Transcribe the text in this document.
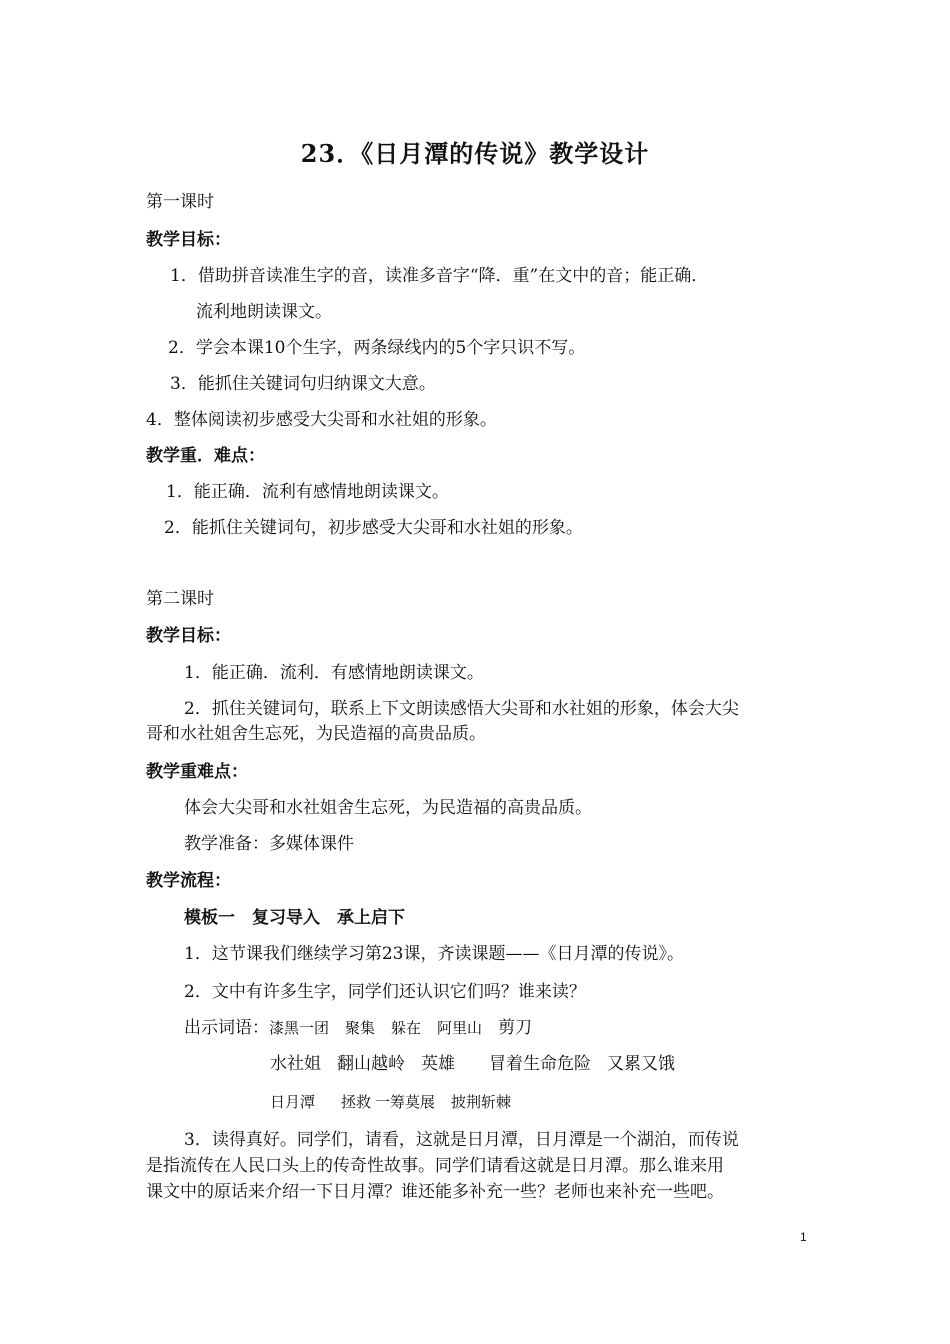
23．《日月潭的传说》教学设计

第一课时

教学目标：

1．借助拼音读准生字的音，读准多音字“降．重”在文中的音；能正确．

流利地朗读课文。

2．学会本课10个生字，两条绿线内的5个字只识不写。

3．能抓住关键词句归纳课文大意。

4．整体阅读初步感受大尖哥和水社姐的形象。

教学重．难点：

1．能正确．流利有感情地朗读课文。

2．能抓住关键词句，初步感受大尖哥和水社姐的形象。

第二课时

教学目标：

1．能正确．流利．有感情地朗读课文。

2．抓住关键词句，联系上下文朗读感悟大尖哥和水社姐的形象，体会大尖

哥和水社姐舍生忘死，为民造福的高贵品质。

教学重难点：

体会大尖哥和水社姐舍生忘死，为民造福的高贵品质。

教学准备：多媒体课件

教学流程：

模板一　复习导入　承上启下

1．这节课我们继续学习第23课，齐读课题——《日月潭的传说》。

2．文中有许多生字，同学们还认识它们吗？谁来读？

出示词语：漆黑一团 聚集 躲在 阿里山 剪刀
水社姐 翻山越岭 英雄 冒着生命危险 又累又饿
日月潭 拯救 一筹莫展 披荆斩棘

3．读得真好。同学们，请看，这就是日月潭，日月潭是一个湖泊，而传说

是指流传在人民口头上的传奇性故事。同学们请看这就是日月潭。那么谁来用

课文中的原话来介绍一下日月潭？谁还能多补充一些？老师也来补充一些吧。

1
